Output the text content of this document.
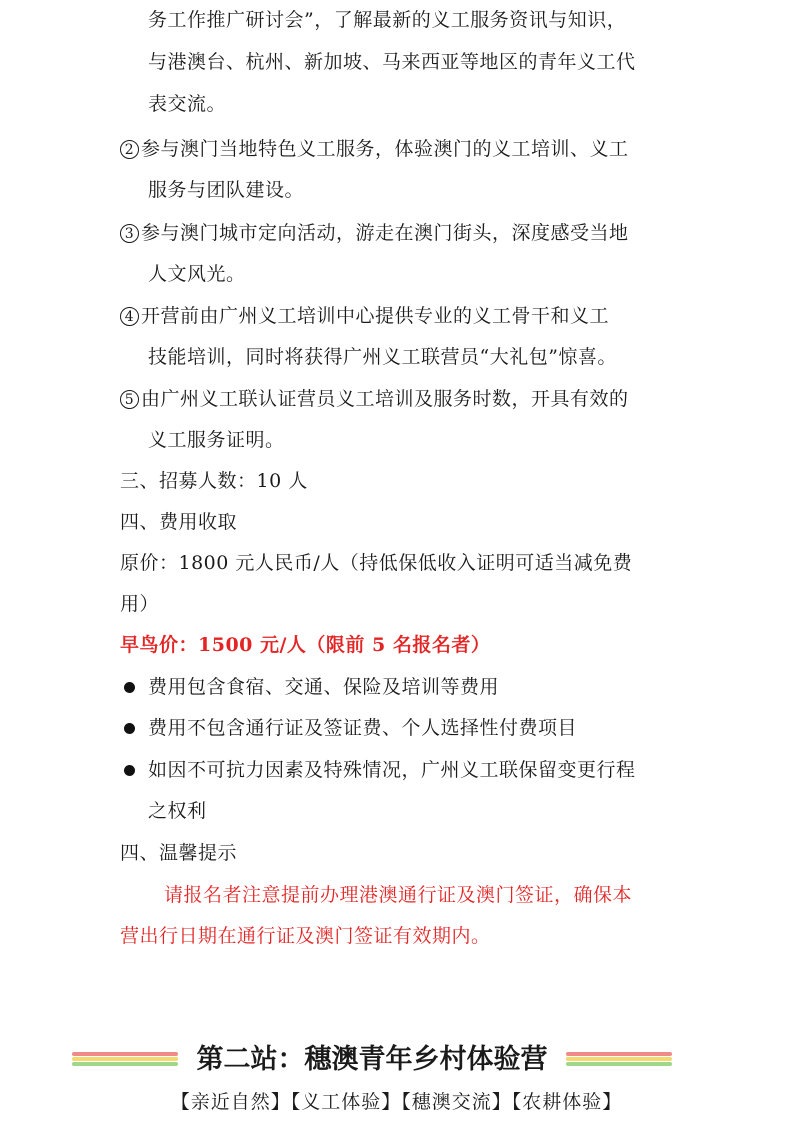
务工作推广研讨会”，了解最新的义工服务资讯与知识，
与港澳台、杭州、新加坡、马来西亚等地区的青年义工代
表交流。
2 参与澳门当地特色义工服务，体验澳门的义工培训、义工
服务与团队建设。
3 参与澳门城市定向活动，游走在澳门街头，深度感受当地
人文风光。
4 开营前由广州义工培训中心提供专业的义工骨干和义工
技能培训，同时将获得广州义工联营员“大礼包”惊喜。
5 由广州义工联认证营员义工培训及服务时数，开具有效的
义工服务证明。
三、招募人数：10 人
四、费用收取
原价：1800 元人民币/人（持低保低收入证明可适当减免费
用）
早鸟价：1500 元/人（限前 5 名报名者）
费用包含食宿、交通、保险及培训等费用
费用不包含通行证及签证费、个人选择性付费项目
如因不可抗力因素及特殊情况，广州义工联保留变更行程
之权利
四、温馨提示
请报名者注意提前办理港澳通行证及澳门签证，确保本
营出行日期在通行证及澳门签证有效期内。
第二站：穗澳青年乡村体验营
【亲近自然】【义工体验】【穗澳交流】【农耕体验】
